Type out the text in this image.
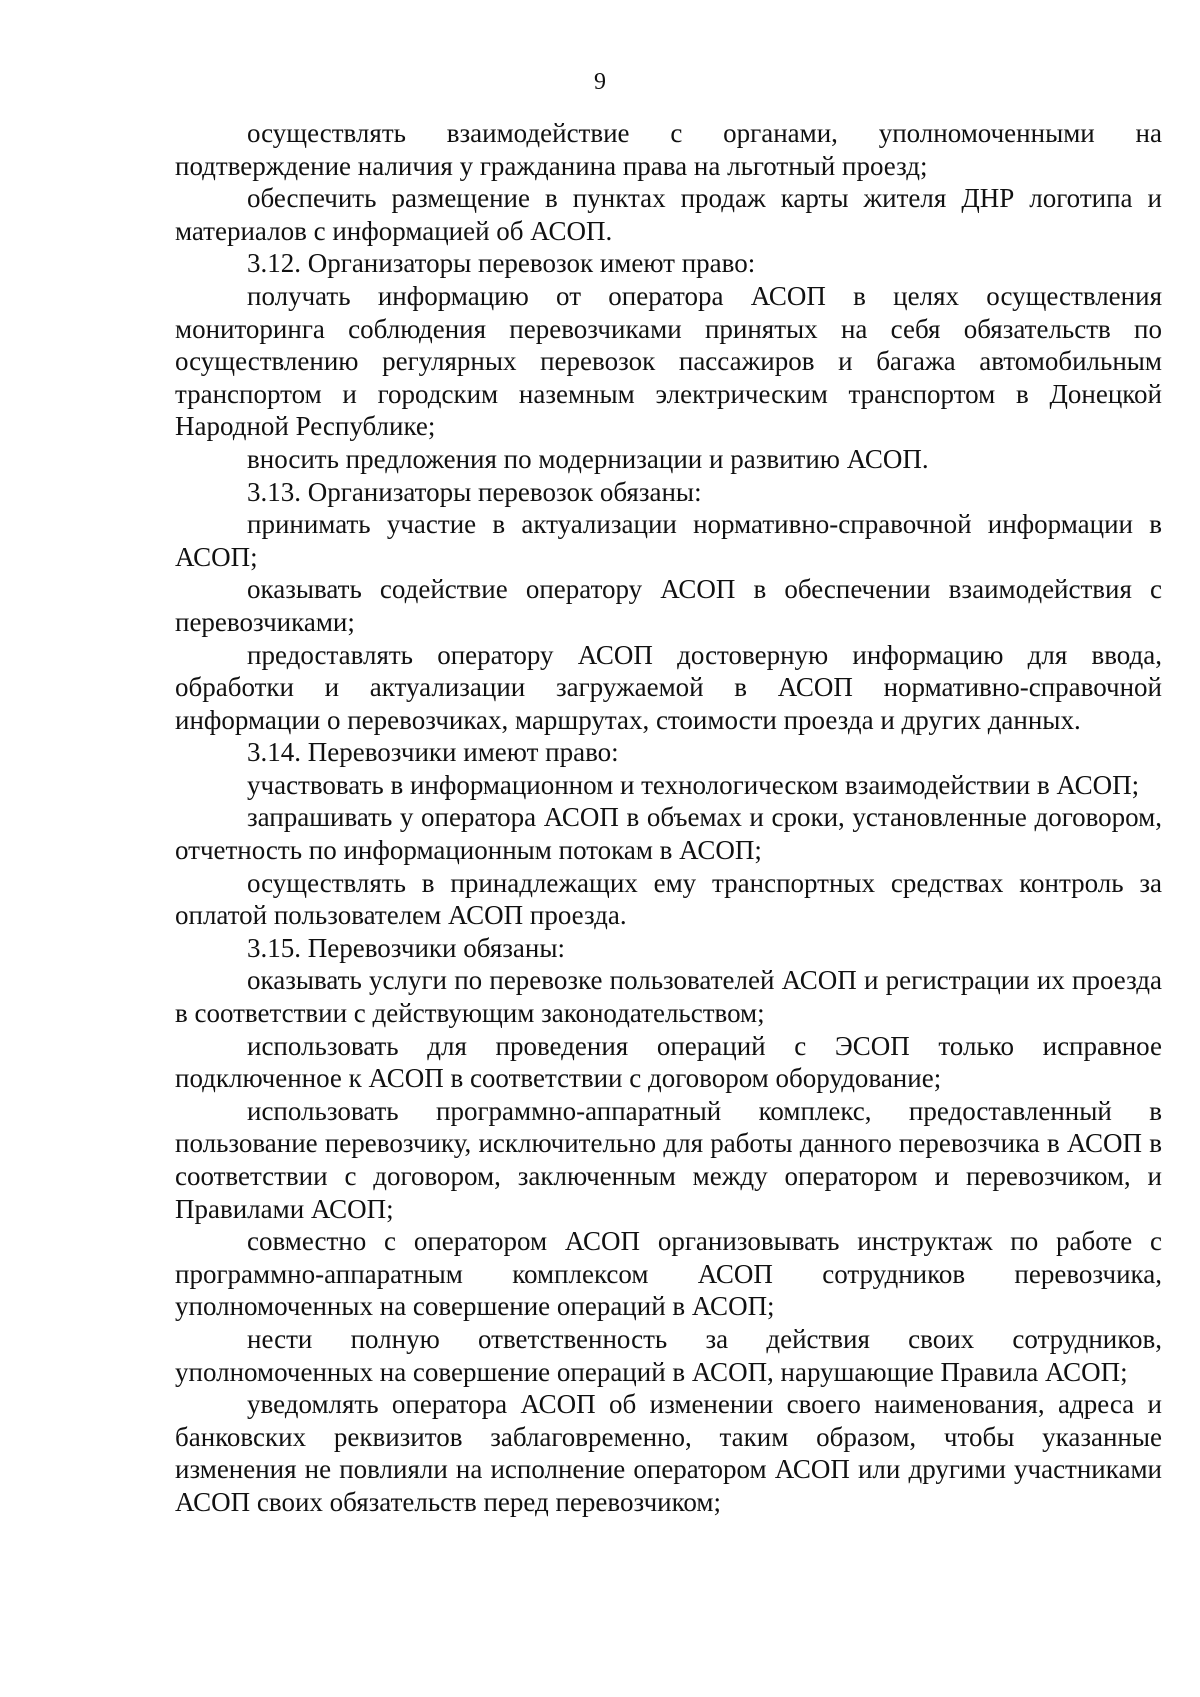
9

осуществлять взаимодействие с органами, уполномоченными на подтверждение наличия у гражданина права на льготный проезд;

обеспечить размещение в пунктах продаж карты жителя ДНР логотипа и материалов с информацией об АСОП.

3.12. Организаторы перевозок имеют право:

получать информацию от оператора АСОП в целях осуществления мониторинга соблюдения перевозчиками принятых на себя обязательств по осуществлению регулярных перевозок пассажиров и багажа автомобильным транспортом и городским наземным электрическим транспортом в Донецкой Народной Республике;

вносить предложения по модернизации и развитию АСОП.

3.13. Организаторы перевозок обязаны:

принимать участие в актуализации нормативно-справочной информации в АСОП;

оказывать содействие оператору АСОП в обеспечении взаимодействия с перевозчиками;

предоставлять оператору АСОП достоверную информацию для ввода, обработки и актуализации загружаемой в АСОП нормативно-справочной информации о перевозчиках, маршрутах, стоимости проезда и других данных.

3.14. Перевозчики имеют право:

участвовать в информационном и технологическом взаимодействии в АСОП;

запрашивать у оператора АСОП в объемах и сроки, установленные договором, отчетность по информационным потокам в АСОП;

осуществлять в принадлежащих ему транспортных средствах контроль за оплатой пользователем АСОП проезда.

3.15. Перевозчики обязаны:

оказывать услуги по перевозке пользователей АСОП и регистрации их проезда в соответствии с действующим законодательством;

использовать для проведения операций с ЭСОП только исправное подключенное к АСОП в соответствии с договором оборудование;

использовать программно-аппаратный комплекс, предоставленный в пользование перевозчику, исключительно для работы данного перевозчика в АСОП в соответствии с договором, заключенным между оператором и перевозчиком, и Правилами АСОП;

совместно с оператором АСОП организовывать инструктаж по работе с программно-аппаратным комплексом АСОП сотрудников перевозчика, уполномоченных на совершение операций в АСОП;

нести полную ответственность за действия своих сотрудников, уполномоченных на совершение операций в АСОП, нарушающие Правила АСОП;

уведомлять оператора АСОП об изменении своего наименования, адреса и банковских реквизитов заблаговременно, таким образом, чтобы указанные изменения не повлияли на исполнение оператором АСОП или другими участниками АСОП своих обязательств перед перевозчиком;
